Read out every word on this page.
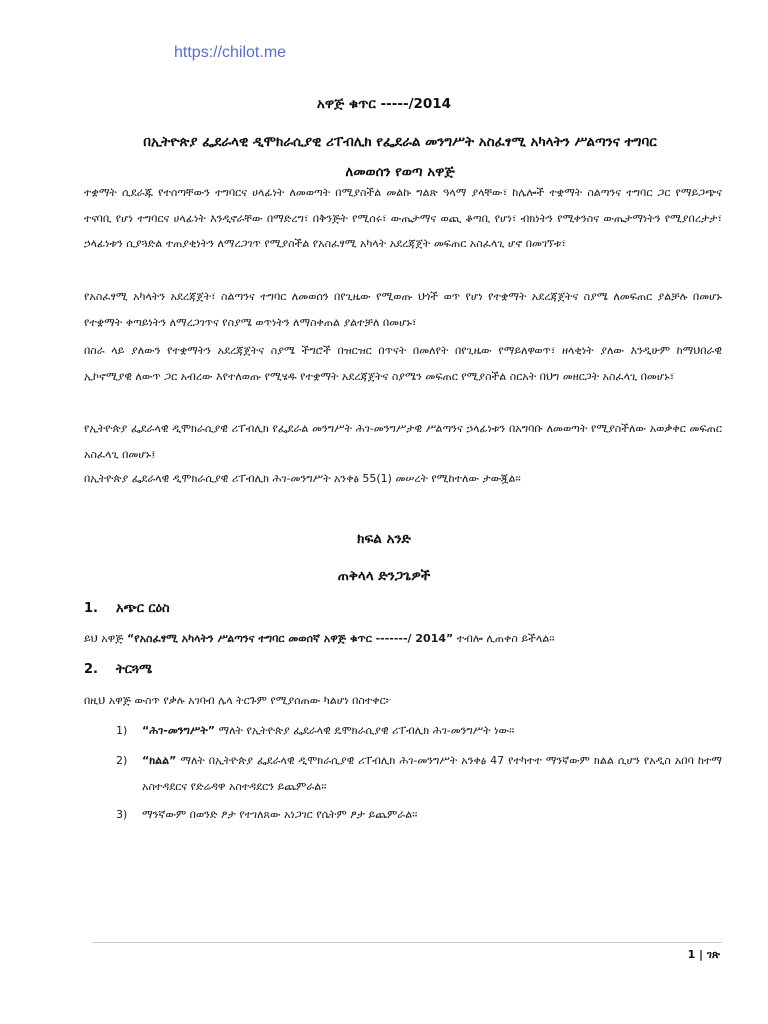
https://chilot.me
አዋጅ ቁጥር -----/2014
በኢትዮጵያ ፌደራላዊ ዲሞክራሲያዊ ሪፐብሊክ የፌደራል መንግሥት አስፈፃሚ አካላትን ሥልጣንና ተግባር
ለመወሰን የወጣ አዋጅ
ተቋማት ሲደራጁ የተሰጣቸውን ተግባርና ሀላፊነት ለመወጣት በሚያስችል መልኩ ግልጽ ዓላማ ያላቸው፣ ከሌሎች ተቋማት ስልጣንና ተግባር ጋር የማይጋጭና ተናባቢ የሆነ ተግባርና ሀላፊነት እንዲኖራቸው በማድረግ፣ በቅንጅት የሚሰሩ፣ ውጤታማና ወጪ ቆጣቢ የሆነ፣ ብክነትን የሚቀንስና ውጤታማነትን የሚያበረታታ፣ ኃላፊነቱን ሲያጓድል ተጠያቂነትን ለማረጋገጥ የሚያስችል የአስፈፃሚ አካላት አደረጃጀት መፍጠር አስፈላጊ ሆኖ በመገኘቱ፣
የአስፈፃሚ አካላትን አደረጃጀት፣ ስልጣንና ተግባር ለመወሰን በየጊዜው የሚወጡ ህጎች ወጥ የሆነ የተቋማት አደረጃጀትና ስያሜ ለመፍጠር ያልቻሉ በመሆኑ የተቋማት ቀጣይነትን ለማረጋገጥና የስያሜ ወጥነትን ለማስቀጠል ያልተቻለ በመሆኑ፣
በስራ ላይ ያለውን የተቋማትን አደረጃጀትና ስያሜ ችግሮች በዝርዝር በጥናት በመለየት በየጊዜው የማይለዋወጥ፣ ዘላቂነት ያለው እንዲሁም ከማህበራዊ ኢኮኖሚያዊ ለውጥ ጋር አብረው እየተለወጡ የሚሄዱ የተቋማት አደረጃጀትና ስያሜን መፍጠር የሚያስችል ስርአት በህግ መዘርጋት አስፈላጊ በመሆኑ፣
የኢትዮጵያ ፌደራላዊ ዲሞክራሲያዊ ሪፐብሊክ የፌደራል መንግሥት ሕገ-መንግሥታዊ ሥልጣንና ኃላፊነቱን በአግባቡ ለመወጣት የሚያስችለው አወቃቀር መፍጠር አስፈላጊ በመሆኑ፤
በኢትዮጵያ ፌደራላዊ ዲሞክራሲያዊ ሪፐብሊክ ሕገ-መንግሥት አንቀፅ 55(1) መሠረት የሚከተለው ታውጇል፡፡
ክፍል አንድ
ጠቅላላ ድንጋጌዎች
1. አጭር ርዕስ
ይህ አዋጅ “የአስፈፃሚ አካላትን ሥልጣንና ተግባር መወሰኛ አዋጅ ቁጥር -------/ 2014” ተብሎ ሊጠቀስ ይችላል፡፡
2. ትርጓሜ
በዚህ አዋጅ ውስጥ የቃሉ አገባብ ሌላ ትርጉም የሚያሰጠው ካልሆነ በስተቀር፦
1) “ሕገ-መንግሥት” ማለት የኢትዮጵያ ፌደራላዊ ዴሞክራሲያዊ ሪፐብሊክ ሕገ-መንግሥት ነው፡፡
2) “ክልል” ማለት በኢትዮጵያ ፌደራላዊ ዲሞክራሲያዊ ሪፐብሊክ ሕገ-መንግሥት አንቀፅ 47 የተካተተ ማንኛውም ክልል ሲሆን የአዲስ አበባ ከተማ አስተዳደርና የድሬዳዋ አስተዳደርን ይጨምራል፡፡
3) ማንኛውም በወንድ ፆታ የተገለጸው አነጋገር የሴትም ፆታ ይጨምራል፡፡
1 | ገጽ
